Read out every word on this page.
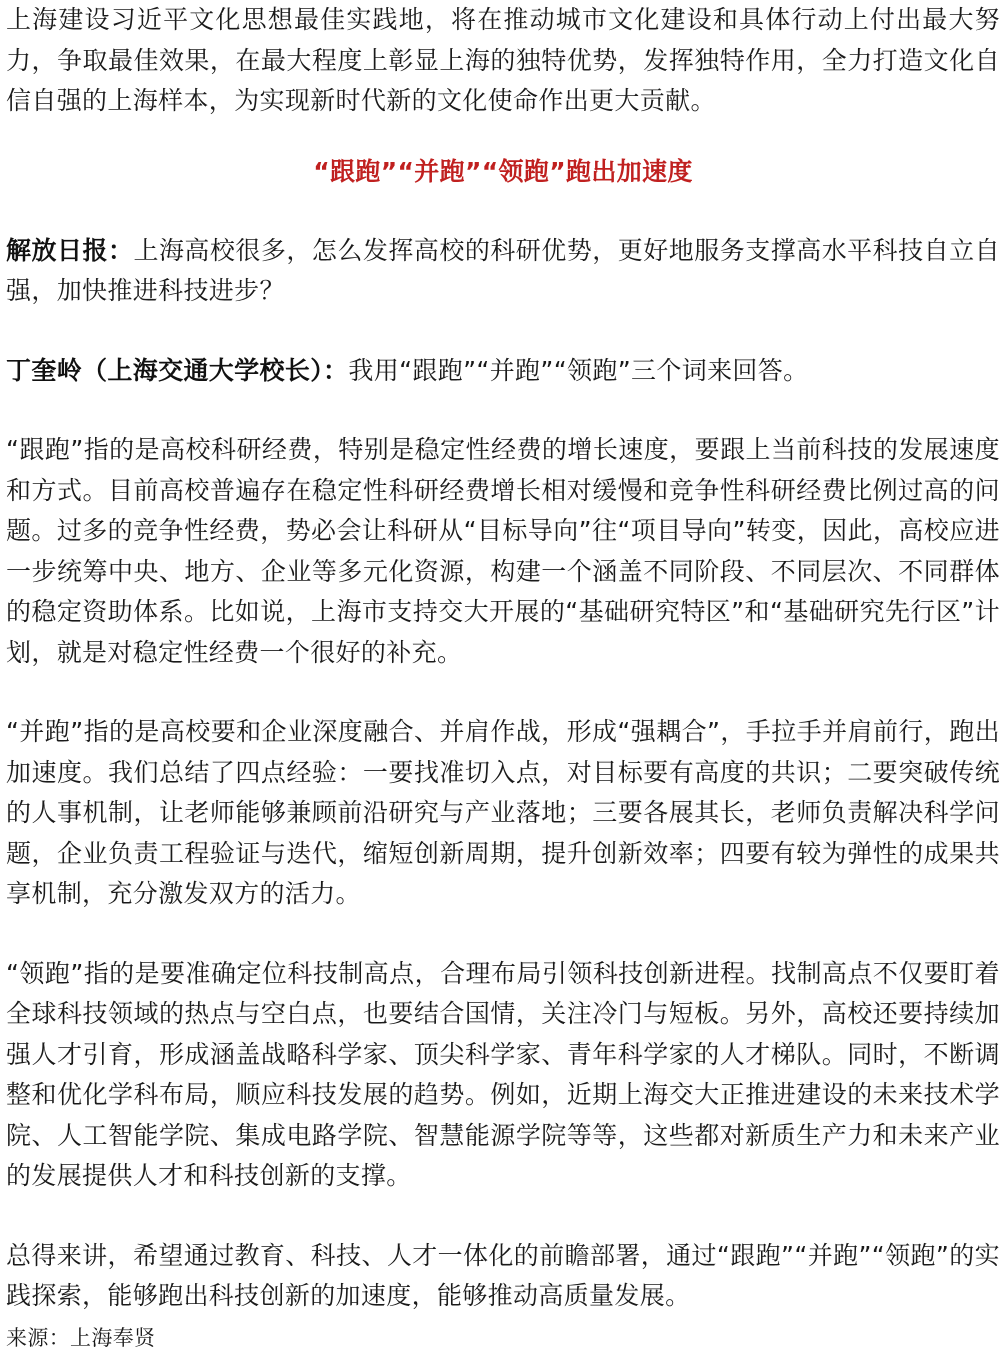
上海建设习近平文化思想最佳实践地，将在推动城市文化建设和具体行动上付出最大努力，争取最佳效果，在最大程度上彰显上海的独特优势，发挥独特作用，全力打造文化自信自强的上海样本，为实现新时代新的文化使命作出更大贡献。

“跟跑”“并跑”“领跑”跑出加速度

解放日报：上海高校很多，怎么发挥高校的科研优势，更好地服务支撑高水平科技自立自强，加快推进科技进步？

丁奎岭（上海交通大学校长）：我用“跟跑”“并跑”“领跑”三个词来回答。

“跟跑”指的是高校科研经费，特别是稳定性经费的增长速度，要跟上当前科技的发展速度和方式。目前高校普遍存在稳定性科研经费增长相对缓慢和竞争性科研经费比例过高的问题。过多的竞争性经费，势必会让科研从“目标导向”往“项目导向”转变，因此，高校应进一步统筹中央、地方、企业等多元化资源，构建一个涵盖不同阶段、不同层次、不同群体的稳定资助体系。比如说，上海市支持交大开展的“基础研究特区”和“基础研究先行区”计划，就是对稳定性经费一个很好的补充。

“并跑”指的是高校要和企业深度融合、并肩作战，形成“强耦合”，手拉手并肩前行，跑出加速度。我们总结了四点经验：一要找准切入点，对目标要有高度的共识；二要突破传统的人事机制，让老师能够兼顾前沿研究与产业落地；三要各展其长，老师负责解决科学问题，企业负责工程验证与迭代，缩短创新周期，提升创新效率；四要有较为弹性的成果共享机制，充分激发双方的活力。

“领跑”指的是要准确定位科技制高点，合理布局引领科技创新进程。找制高点不仅要盯着全球科技领域的热点与空白点，也要结合国情，关注冷门与短板。另外，高校还要持续加强人才引育，形成涵盖战略科学家、顶尖科学家、青年科学家的人才梯队。同时，不断调整和优化学科布局，顺应科技发展的趋势。例如，近期上海交大正推进建设的未来技术学院、人工智能学院、集成电路学院、智慧能源学院等等，这些都对新质生产力和未来产业的发展提供人才和科技创新的支撑。

总得来讲，希望通过教育、科技、人才一体化的前瞻部署，通过“跟跑”“并跑”“领跑”的实践探索，能够跑出科技创新的加速度，能够推动高质量发展。

来源：上海奉贤
